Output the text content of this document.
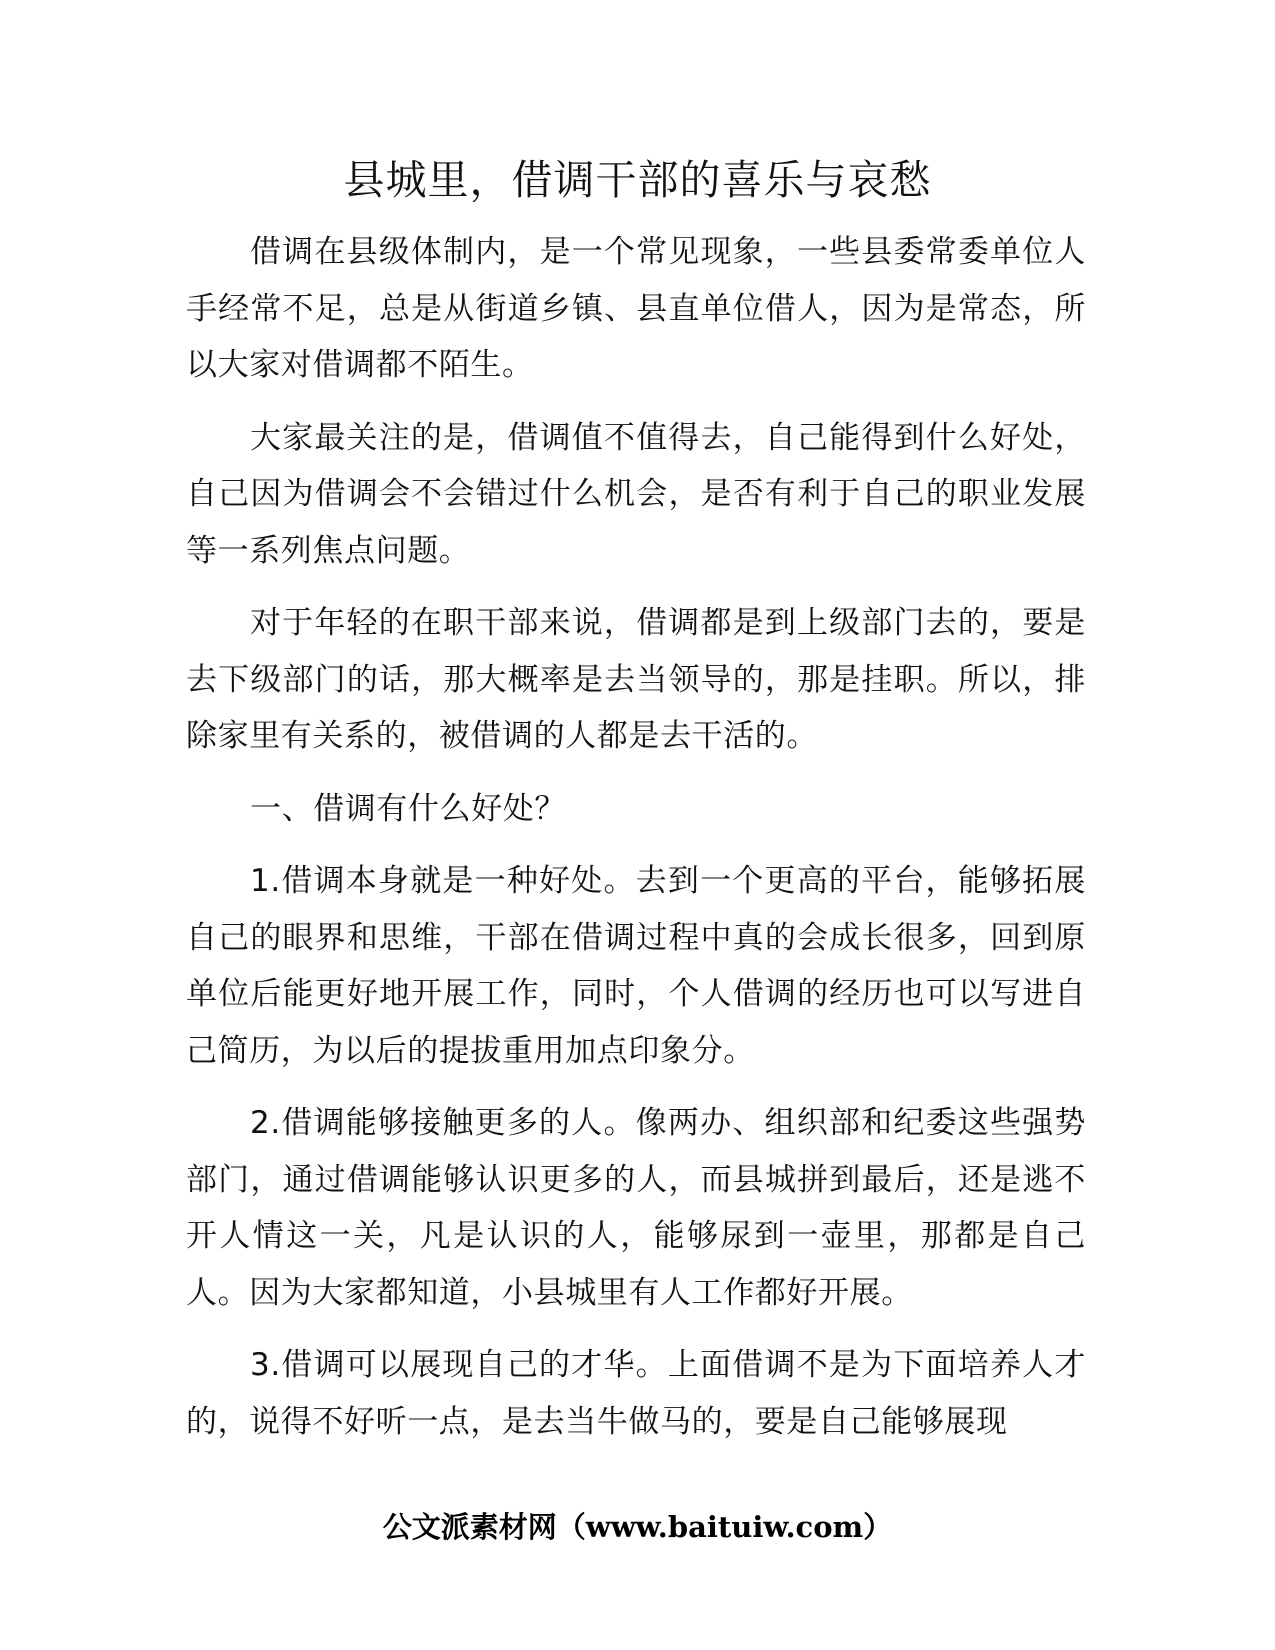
县城里，借调干部的喜乐与哀愁

借调在县级体制内，是一个常见现象，一些县委常委单位人手经常不足，总是从街道乡镇、县直单位借人，因为是常态，所以大家对借调都不陌生。

大家最关注的是，借调值不值得去，自己能得到什么好处，自己因为借调会不会错过什么机会，是否有利于自己的职业发展等一系列焦点问题。

对于年轻的在职干部来说，借调都是到上级部门去的，要是去下级部门的话，那大概率是去当领导的，那是挂职。所以，排除家里有关系的，被借调的人都是去干活的。

一、借调有什么好处？

1.借调本身就是一种好处。去到一个更高的平台，能够拓展自己的眼界和思维，干部在借调过程中真的会成长很多，回到原单位后能更好地开展工作，同时，个人借调的经历也可以写进自己简历，为以后的提拔重用加点印象分。

2.借调能够接触更多的人。像两办、组织部和纪委这些强势部门，通过借调能够认识更多的人，而县城拼到最后，还是逃不开人情这一关，凡是认识的人，能够尿到一壶里，那都是自己人。因为大家都知道，小县城里有人工作都好开展。

3.借调可以展现自己的才华。上面借调不是为下面培养人才的，说得不好听一点，是去当牛做马的，要是自己能够展现

公文派素材网（www.baituiw.com）
